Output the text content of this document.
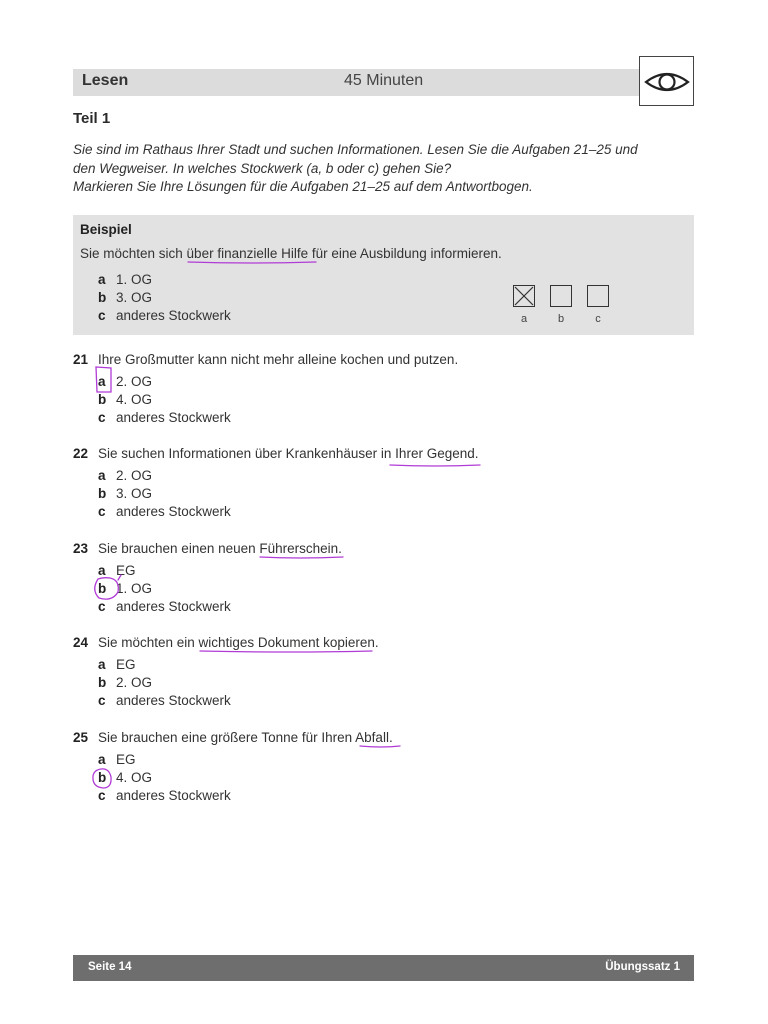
Lesen	45 Minuten
Teil 1
Sie sind im Rathaus Ihrer Stadt und suchen Informationen. Lesen Sie die Aufgaben 21–25 und
den Wegweiser. In welches Stockwerk (a, b oder c) gehen Sie?
Markieren Sie Ihre Lösungen für die Aufgaben 21–25 auf dem Antwortbogen.
Beispiel
Sie möchten sich über finanzielle Hilfe für eine Ausbildung informieren.
a 1. OG
b 3. OG
c anderes Stockwerk	a	b	c
21 Ihre Großmutter kann nicht mehr alleine kochen und putzen.
a 2. OG
b 4. OG
c anderes Stockwerk
22 Sie suchen Informationen über Krankenhäuser in Ihrer Gegend.
a 2. OG
b 3. OG
c anderes Stockwerk
23 Sie brauchen einen neuen Führerschein.
a EG
b 1. OG
c anderes Stockwerk
24 Sie möchten ein wichtiges Dokument kopieren.
a EG
b 2. OG
c anderes Stockwerk
25 Sie brauchen eine größere Tonne für Ihren Abfall.
a EG
b 4. OG
c anderes Stockwerk
Seite 14	Übungssatz 1
